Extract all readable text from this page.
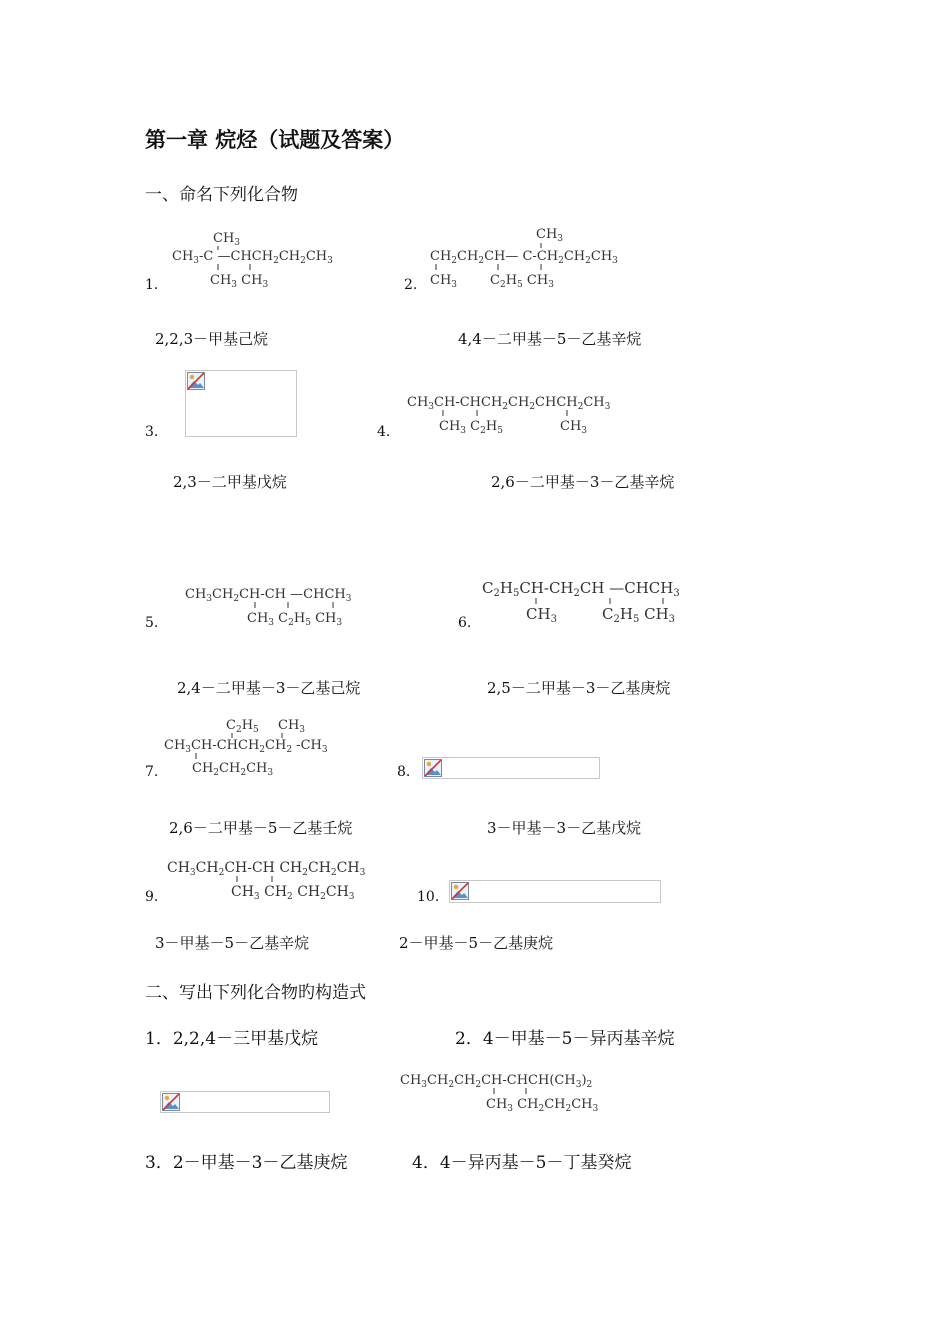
第一章 烷烃（试题及答案）
一、命名下列化合物
1.
$CH_3$
$CH_3-C$ $—CHCH_2CH_2CH_3$
$CH_3$ $CH_3$
2,2,3－甲基己烷
2.
$CH_3$
$CH_2CH_2CH—$ $C-CH_2CH_2CH_3$
$CH_3$	$C_2H_5$ $CH_3$
4,4－二甲基－5－乙基辛烷
3.
2,3－二甲基戊烷
4.
$CH_3CH-CHCH_2CH_2CHCH_2CH_3$
$CH_3$ $C_2H_5$	$CH_3$
2,6－二甲基－3－乙基辛烷
5.
$CH_3CH_2CH-CH$ $—CHCH_3$
$CH_3$ $C_2H_5$ $CH_3$
2,4－二甲基－3－乙基己烷
6.
$C_2H_5CH-CH_2CH$ $—CHCH_3$
$CH_3$	$C_2H_5$ $CH_3$
2,5－二甲基－3－乙基庚烷
7.
$C_2H_5$ $CH_3$
$CH_3CH-CHCH_2CH_2$ $-CH_3$
$CH_2CH_2CH_3$
2,6－二甲基－5－乙基壬烷
8.
3－甲基－3－乙基戊烷
9.
$CH_3CH_2CH-CH$ $CH_2CH_2CH_3$
$CH_3$ $CH_2$ $CH_2CH_3$
3－甲基－5－乙基辛烷
10.
2－甲基－5－乙基庚烷
二、写出下列化合物旳构造式
1．2,2,4－三甲基戊烷	2．4－甲基－5－异丙基辛烷
$CH_3CH_2CH_2CH-CHCH(CH_3)_2$
$CH_3$ $CH_2CH_2CH_3$
3．2－甲基－3－乙基庚烷	4．4－异丙基－5－丁基癸烷
